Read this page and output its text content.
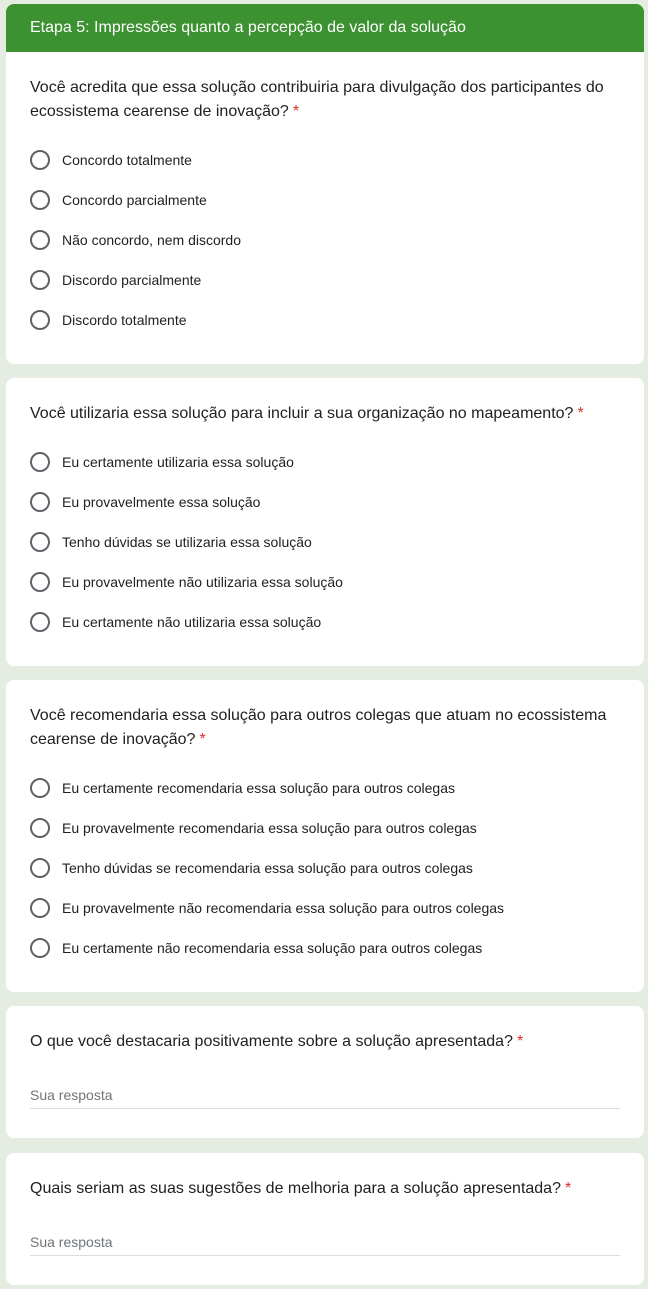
Etapa 5: Impressões quanto a percepção de valor da solução
Você acredita que essa solução contribuiria para divulgação dos participantes do ecossistema cearense de inovação? *
Concordo totalmente
Concordo parcialmente
Não concordo, nem discordo
Discordo parcialmente
Discordo totalmente
Você utilizaria essa solução para incluir a sua organização no mapeamento? *
Eu certamente utilizaria essa solução
Eu provavelmente essa solução
Tenho dúvidas se utilizaria essa solução
Eu provavelmente não utilizaria essa solução
Eu certamente não utilizaria essa solução
Você recomendaria essa solução para outros colegas que atuam no ecossistema cearense de inovação? *
Eu certamente recomendaria essa solução para outros colegas
Eu provavelmente recomendaria essa solução para outros colegas
Tenho dúvidas se recomendaria essa solução para outros colegas
Eu provavelmente não recomendaria essa solução para outros colegas
Eu certamente não recomendaria essa solução para outros colegas
O que você destacaria positivamente sobre a solução apresentada? *
Sua resposta
Quais seriam as suas sugestões de melhoria para a solução apresentada? *
Sua resposta
